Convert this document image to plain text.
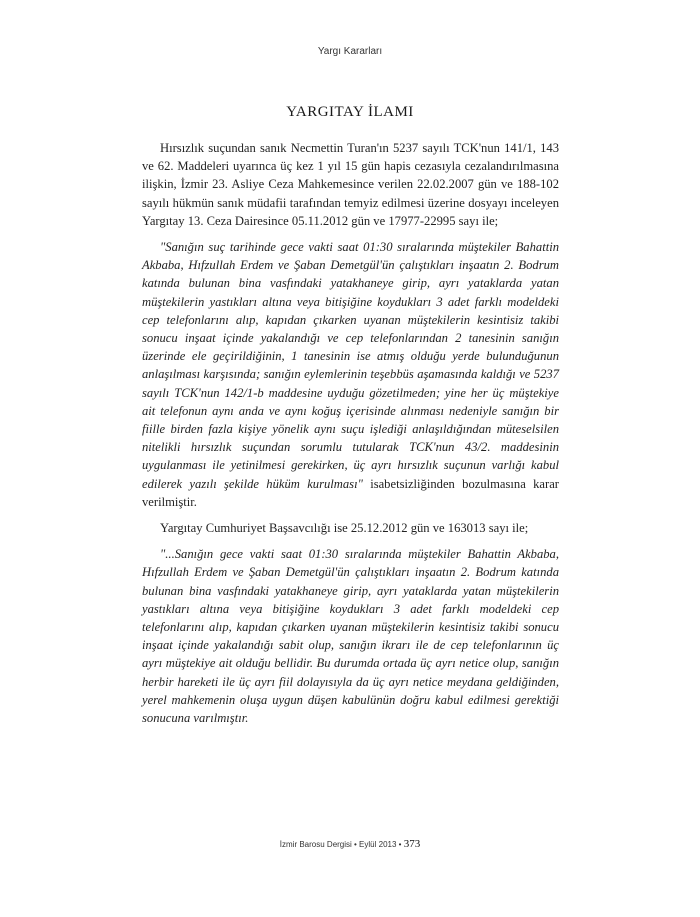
Yargı Kararları
YARGITAY İLAMI

Hırsızlık suçundan sanık Necmettin Turan'ın 5237 sayılı TCK'nun 141/1, 143 ve 62. Maddeleri uyarınca üç kez 1 yıl 15 gün hapis cezasıyla cezalandırılmasına ilişkin, İzmir 23. Asliye Ceza Mahkemesince verilen 22.02.2007 gün ve 188-102 sayılı hükmün sanık müdafii tarafından temyiz edilmesi üzerine dosyayı inceleyen Yargıtay 13. Ceza Dairesince 05.11.2012 gün ve 17977-22995 sayı ile;

"Sanığın suç tarihinde gece vakti saat 01:30 sıralarında müştekiler Bahattin Akbaba, Hıfzullah Erdem ve Şaban Demetgül'ün çalıştıkları inşaatın 2. Bodrum katında bulunan bina vasfındaki yatakhaneye girip, ayrı yataklarda yatan müştekilerin yastıkları altına veya bitişiğine koydukları 3 adet farklı modeldeki cep telefonlarını alıp, kapıdan çıkarken uyanan müştekilerin kesintisiz takibi sonucu inşaat içinde yakalandığı ve cep telefonlarından 2 tanesinin sanığın üzerinde ele geçirildiğinin, 1 tanesinin ise atmış olduğu yerde bulunduğunun anlaşılması karşısında; sanığın eylemlerinin teşebbüs aşamasında kaldığı ve 5237 sayılı TCK'nun 142/1-b maddesine uyduğu gözetilmeden; yine her üç müştekiye ait telefonun aynı anda ve aynı koğuş içerisinde alınması nedeniyle sanığın bir fiille birden fazla kişiye yönelik aynı suçu işlediği anlaşıldığından müteselsilen nitelikli hırsızlık suçundan sorumlu tutularak TCK'nun 43/2. maddesinin uygulanması ile yetinilmesi gerekirken, üç ayrı hırsızlık suçunun varlığı kabul edilerek yazılı şekilde hüküm kurulması" isabetsizliğinden bozulmasına karar verilmiştir.

Yargıtay Cumhuriyet Başsavcılığı ise 25.12.2012 gün ve 163013 sayı ile;

"...Sanığın gece vakti saat 01:30 sıralarında müştekiler Bahattin Akbaba, Hıfzullah Erdem ve Şaban Demetgül'ün çalıştıkları inşaatın 2. Bodrum katında bulunan bina vasfındaki yatakhaneye girip, ayrı yataklarda yatan müştekilerin yastıkları altına veya bitişiğine koydukları 3 adet farklı modeldeki cep telefonlarını alıp, kapıdan çıkarken uyanan müştekilerin kesintisiz takibi sonucu inşaat içinde yakalandığı sabit olup, sanığın ikrarı ile de cep telefonlarının üç ayrı müştekiye ait olduğu bellidir. Bu durumda ortada üç ayrı netice olup, sanığın herbir hareketi ile üç ayrı fiil dolayısıyla da üç ayrı netice meydana geldiğinden, yerel mahkemenin oluşa uygun düşen kabulünün doğru kabul edilmesi gerektiği sonucuna varılmıştır.

İzmir Barosu Dergisi • Eylül 2013 • 373
